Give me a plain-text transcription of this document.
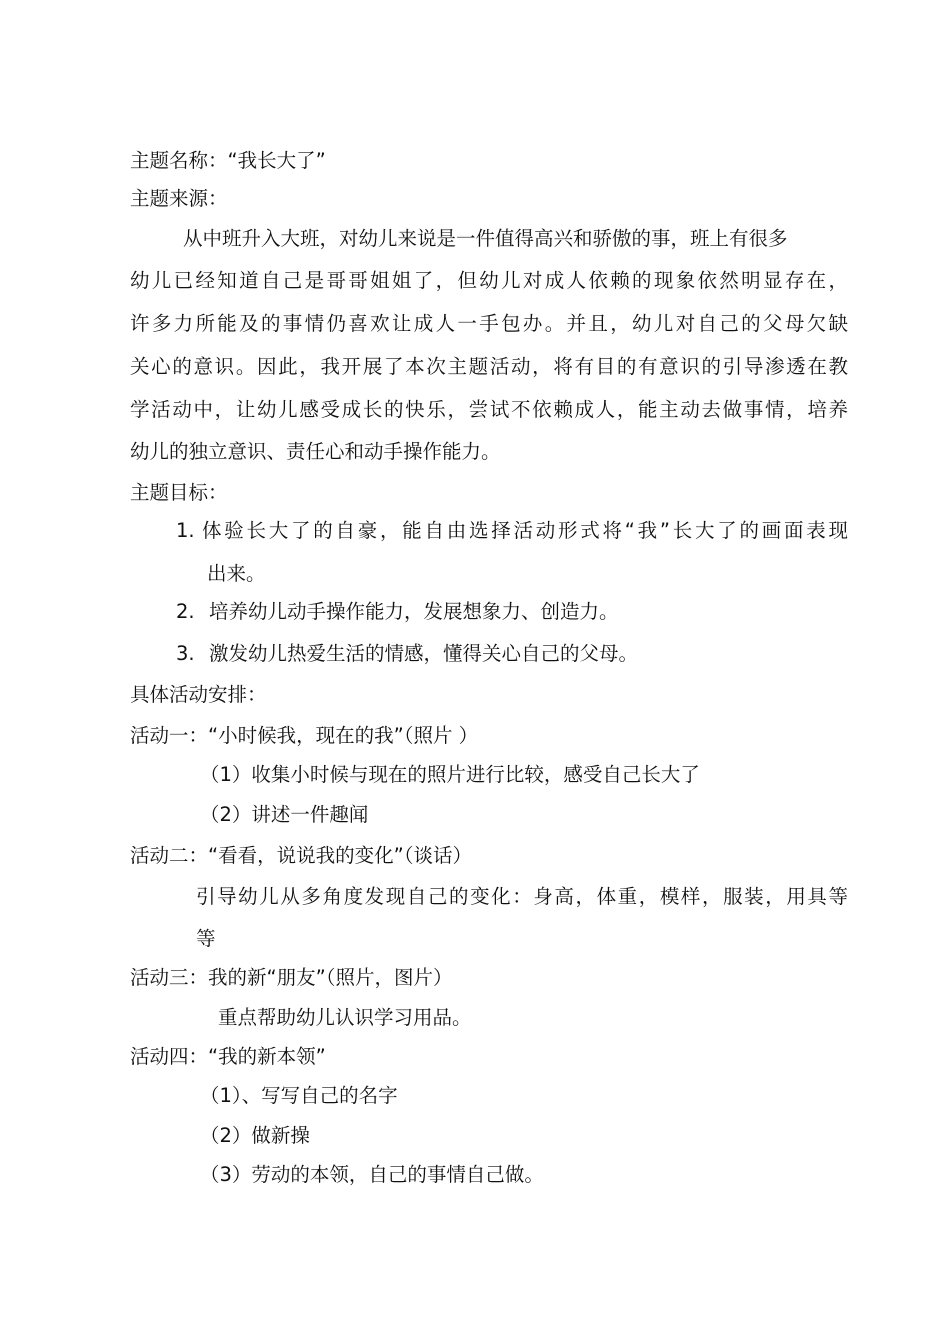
主题名称：“我长大了”
主题来源：
从中班升入大班，对幼儿来说是一件值得高兴和骄傲的事，班上有很多
幼儿已经知道自己是哥哥姐姐了，但幼儿对成人依赖的现象依然明显存在，
许多力所能及的事情仍喜欢让成人一手包办。并且，幼儿对自己的父母欠缺
关心的意识。因此，我开展了本次主题活动，将有目的有意识的引导渗透在教
学活动中，让幼儿感受成长的快乐，尝试不依赖成人，能主动去做事情，培养
幼儿的独立意识、责任心和动手操作能力。
主题目标：
1. 体验长大了的自豪，能自由选择活动形式将“我”长大了的画面表现
出来。
2. 培养幼儿动手操作能力，发展想象力、创造力。
3. 激发幼儿热爱生活的情感，懂得关心自己的父母。
具体活动安排：
活动一：“小时候我，现在的我”（照片 ）
（1）收集小时候与现在的照片进行比较，感受自己长大了
（2）讲述一件趣闻
活动二：“看看，说说我的变化”（谈话）
引导幼儿从多角度发现自己的变化：身高，体重，模样，服装，用具等
等
活动三：我的新“朋友”（照片，图片）
重点帮助幼儿认识学习用品。
活动四：“我的新本领”
（1）、写写自己的名字
（2）做新操
（3）劳动的本领，自己的事情自己做。
